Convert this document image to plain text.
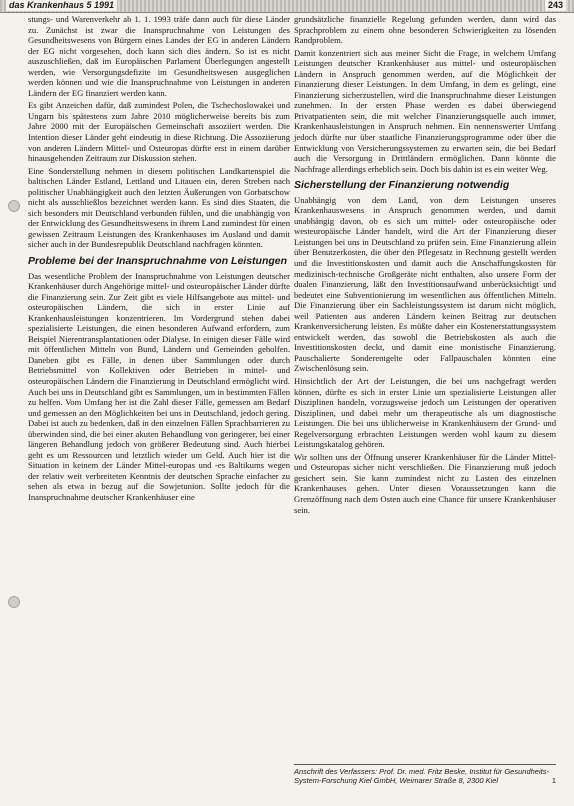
das Krankenhaus 5 1991	243

stungs- und Warenverkehr ab 1. 1. 1993 träfe dann auch für diese Länder zu. Zunächst ist zwar die Inanspruchnahme von Leistungen des Gesundheitswesens von Bürgern eines Landes der EG in anderen Ländern der EG nicht vorgesehen, doch kann sich dies ändern. So ist es nicht auszuschließen, daß im Europäischen Parlament Überlegungen angestellt werden, wie Versorgungsdefizite im Gesundheitswesen ausgeglichen werden können und wie die Inanspruchnahme von Leistungen in anderen Ländern der EG finanziert werden kann.

Es gibt Anzeichen dafür, daß zumindest Polen, die Tschechoslowakei und Ungarn bis spätestens zum Jahre 2010 möglicherweise bereits bis zum Jahre 2000 mit der Europäischen Gemeinschaft assoziiert werden. Die Intention dieser Länder geht eindeutig in diese Richtung. Die Assoziierung von anderen Ländern Mittel- und Osteuropas dürfte erst in einem darüber hinausgehenden Zeitraum zur Diskussion stehen.

Eine Sonderstellung nehmen in diesem politischen Landkartenspiel die baltischen Länder Estland, Lettland und Litauen ein, deren Streben nach politischer Unabhängigkeit auch den letzten Äußerungen von Gorbatschow nicht als ausschließlos bezeichnet werden kann. Es sind dies Staaten, die sich besonders mit Deutschland verbunden fühlen, und die unabhängig von der Entwicklung des Gesundheitswesens in ihrem Land zumindest für einen gewissen Zeitraum Leistungen des Krankenhauses im Ausland und damit sicher auch in der Bundesrepublik Deutschland nachfragen könnten.

Probleme bei der Inanspruchnahme von Leistungen

Das wesentliche Problem der Inanspruchnahme von Leistungen deutscher Krankenhäuser durch Angehörige mittel- und osteuropäischer Länder dürfte die Finanzierung sein. Zur Zeit gibt es viele Hilfsangebote aus mittel- und osteuropäischen Ländern, die sich in erster Linie auf Krankenhausleistungen konzentrieren. Im Vordergrund stehen dabei spezialisierte Leistungen, die einen besonderen Aufwand erfordern, zum Beispiel Nierentransplantationen oder Dialyse. In einigen dieser Fälle wird mit öffentlichen Mitteln von Bund, Ländern und Gemeinden geholfen. Daneben gibt es Fälle, in denen über Sammlungen oder durch Betriebsmittel von Kollektiven oder Betrieben in mittel- und osteuropäischen Ländern die Finanzierung in Deutschland ermöglicht wird. Auch bei uns in Deutschland gibt es Sammlungen, um in bestimmten Fällen zu helfen. Vom Umfang her ist die Zahl dieser Fälle, gemessen am Bedarf und gemessen an den Möglichkeiten bei uns in Deutschland, jedoch gering. Dabei ist auch zu bedenken, daß in den einzelnen Fällen Sprachbarrieren zu überwinden sind, die bei einer akuten Behandlung von geringerer, bei einer längeren Behandlung jedoch von größerer Bedeutung sind. Auch hierbei geht es um Ressourcen und letztlich wieder um Geld. Auch hier ist die Situation in keinem der Länder Mittel-europas und -es Baltikums wegen der relativ weit verbreiteten Kenntnis der deutschen Sprache einfacher zu sehen als etwa in bezug auf die Sowjetunion. Sollte jedoch für die Inanspruchnahme deutscher Krankenhäuser eine

grundsätzliche finanzielle Regelung gefunden werden, dann wird das Sprachproblem zu einem ohne besonderen Schwierigkeiten zu lösenden Randproblem.

Damit konzentriert sich aus meiner Sicht die Frage, in welchem Umfang Leistungen deutscher Krankenhäuser aus mittel- und osteuropäischen Ländern in Anspruch genommen werden, auf die Möglichkeit der Finanzierung dieser Leistungen. In dem Umfang, in dem es gelingt, eine Finanzierung sicherzustellen, wird die Inanspruchnahme dieser Leistungen zunehmen. In der ersten Phase werden es dabei überwiegend Privatpatienten sein, die mit welcher Finanzierungsquelle auch immer, Krankenhausleistungen in Anspruch nehmen. Ein nennenswerter Umfang jedoch dürfte nur über staatliche Finanzierungsprogramme oder über die Entwicklung von Versicherungssystemen zu erwarten sein, die bei Bedarf auch die Versorgung in Drittländern ermöglichen. Dann könnte die Nachfrage allerdings erheblich sein. Doch bis dahin ist es ein weiter Weg.

Sicherstellung der Finanzierung notwendig

Unabhängig von dem Land, von dem Leistungen unseres Krankenhauswesens in Anspruch genommen werden, und damit unabhängig davon, ob es sich um mittel- oder osteuropäische oder westeuropäische Länder handelt, wird die Art der Finanzierung dieser Leistungen bei uns in Deutschland zu prüfen sein. Eine Finanzierung allein über Benutzerkosten, die über den Pflegesatz in Rechnung gestellt werden und die Investitionskosten und damit auch die Anschaffungskosten für medizinisch-technische Großgeräte nicht enthalten, also unsere Form der dualen Finanzierung, läßt den Investitionsaufwand unberücksichtigt und bedeutet eine Subventionierung im wesentlichen aus öffentlichen Mitteln. Die Finanzierung über ein Sachleistungssystem ist darum nicht möglich, weil Patienten aus anderen Ländern keinen Beitrag zur deutschen Krankenversicherung leisten. Es müßte daher ein Kostenerstattungssystem entwickelt werden, das sowohl die Betriebskosten als auch die Investitionskosten deckt, und damit eine monistische Finanzierung. Pauschalierte Sonderentgelte oder Fallpauschalen könnten eine Zwischenlösung sein.

Hinsichtlich der Art der Leistungen, die bei uns nachgefragt werden können, dürfte es sich in erster Linie um spezialisierte Leistungen aller Disziplinen handeln, vorzugsweise jedoch um Leistungen der operativen Disziplinen, und dabei mehr um therapeutische als um diagnostische Leistungen. Die bei uns üblicherweise in Krankenhäusern der Grund- und Regelversorgung erbrachten Leistungen werden wohl kaum zu diesem Leistungskatalog gehören.

Wir sollten uns der Öffnung unserer Krankenhäuser für die Länder Mittel- und Osteuropas sicher nicht verschließen. Die Finanzierung muß jedoch gesichert sein. Sie kann zumindest nicht zu Lasten des einzelnen Krankenhauses gehen. Unter diesen Voraussetzungen kann die Grenzöffnung nach dem Osten auch eine Chance für unsere Krankenhäuser sein.

Anschrift des Verfassers: Prof. Dr. med. Fritz Beske, Institut für Gesundheits-System-Forschung Kiel GmbH, Weimarer Straße 8, 2300 Kiel	1
